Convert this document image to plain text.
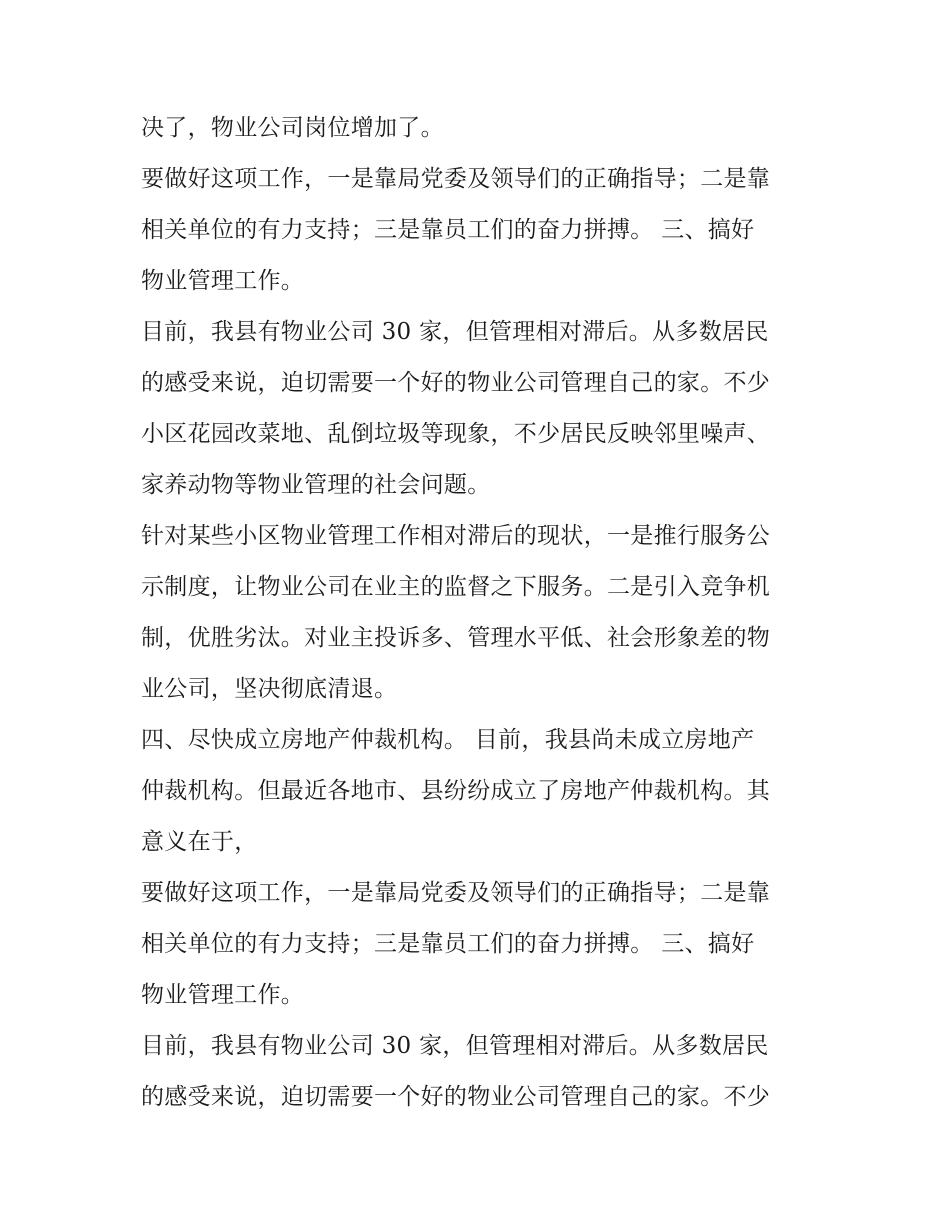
决了，物业公司岗位增加了。
要做好这项工作，一是靠局党委及领导们的正确指导；二是靠
相关单位的有力支持；三是靠员工们的奋力拼搏。 三、搞好
物业管理工作。
目前，我县有物业公司 30 家，但管理相对滞后。从多数居民
的感受来说，迫切需要一个好的物业公司管理自己的家。不少
小区花园改菜地、乱倒垃圾等现象，不少居民反映邻里噪声、
家养动物等物业管理的社会问题。
针对某些小区物业管理工作相对滞后的现状，一是推行服务公
示制度，让物业公司在业主的监督之下服务。二是引入竞争机
制，优胜劣汰。对业主投诉多、管理水平低、社会形象差的物
业公司，坚决彻底清退。
四、尽快成立房地产仲裁机构。 目前，我县尚未成立房地产
仲裁机构。但最近各地市、县纷纷成立了房地产仲裁机构。其
意义在于，
要做好这项工作，一是靠局党委及领导们的正确指导；二是靠
相关单位的有力支持；三是靠员工们的奋力拼搏。 三、搞好
物业管理工作。
目前，我县有物业公司 30 家，但管理相对滞后。从多数居民
的感受来说，迫切需要一个好的物业公司管理自己的家。不少
